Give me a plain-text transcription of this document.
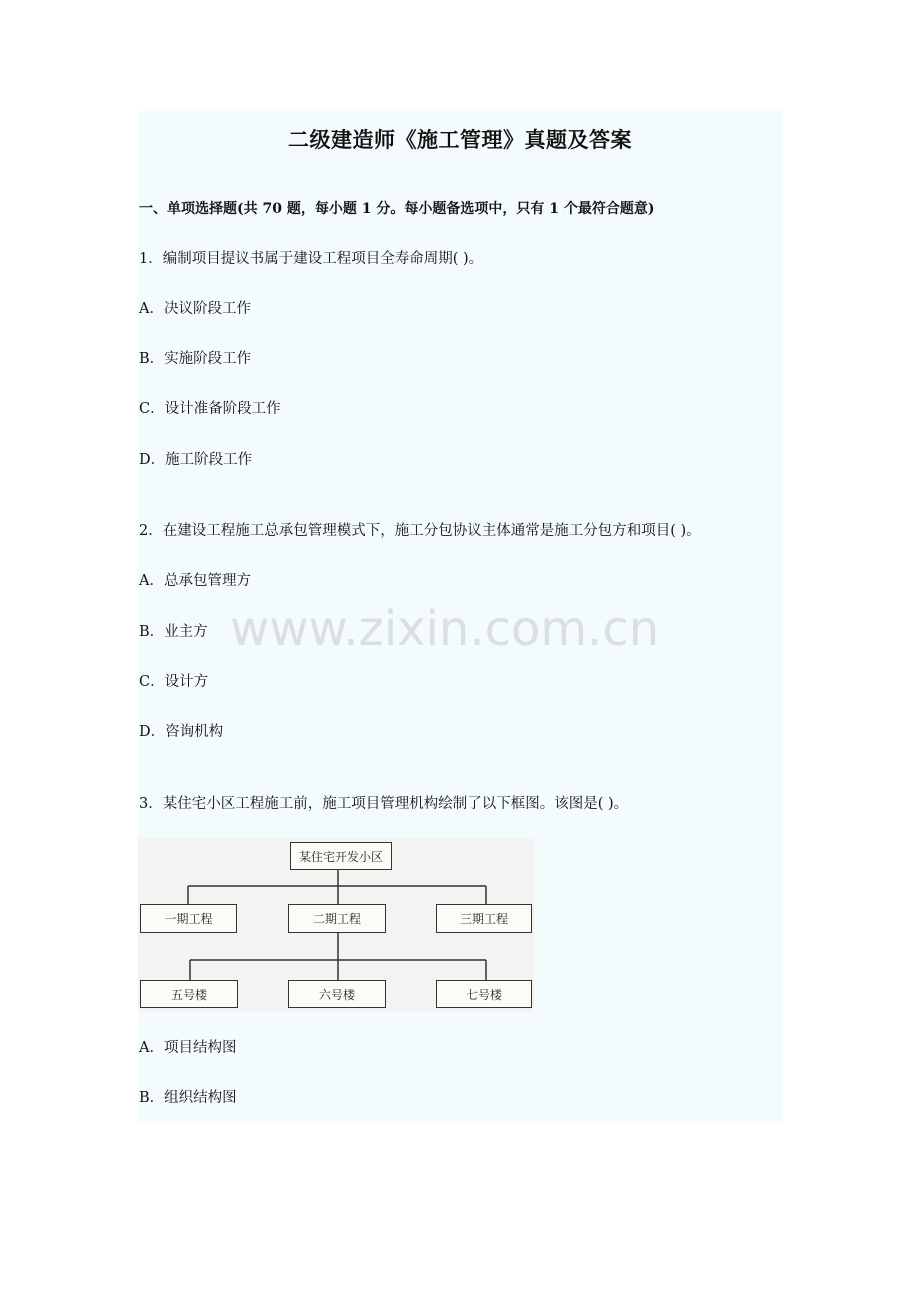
二级建造师《施工管理》真题及答案

一、单项选择题(共 70 题，每小题 1 分。每小题备选项中，只有 1 个最符合题意)

1．编制项目提议书属于建设工程项目全寿命周期( )。

A．决议阶段工作

B．实施阶段工作

C．设计准备阶段工作

D．施工阶段工作

2．在建设工程施工总承包管理模式下，施工分包协议主体通常是施工分包方和项目( )。

A．总承包管理方

B．业主方

C．设计方

D．咨询机构

3．某住宅小区工程施工前，施工项目管理机构绘制了以下框图。该图是( )。

某住宅开发小区
一期工程	二期工程	三期工程
五号楼	六号楼	七号楼

A．项目结构图

B．组织结构图

www.zixin.com.cn
